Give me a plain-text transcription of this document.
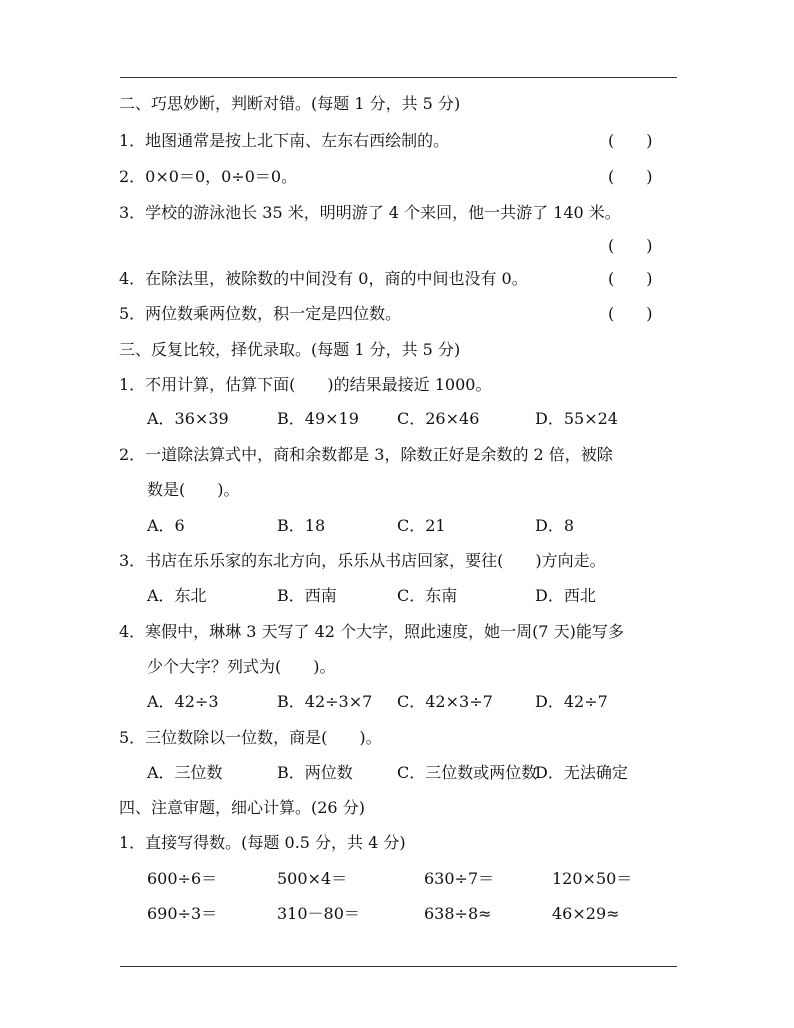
二、巧思妙断，判断对错。(每题 1 分，共 5 分)
1．地图通常是按上北下南、左东右西绘制的。	(　　)
2．0×0＝0，0÷0＝0。	(　　)
3．学校的游泳池长 35 米，明明游了 4 个来回，他一共游了 140 米。
(　　)
4．在除法里，被除数的中间没有 0，商的中间也没有 0。	(　　)
5．两位数乘两位数，积一定是四位数。	(　　)
三、反复比较，择优录取。(每题 1 分，共 5 分)
1．不用计算，估算下面(　　)的结果最接近 1000。
A．36×39	B．49×19 C．26×46	D．55×24
2．一道除法算式中，商和余数都是 3，除数正好是余数的 2 倍，被除
数是(　　)。
A．6	B．18	C．21	D．8
3．书店在乐乐家的东北方向，乐乐从书店回家，要往(　　)方向走。
A．东北	B．西南	C．东南	D．西北
4．寒假中，琳琳 3 天写了 42 个大字，照此速度，她一周(7 天)能写多
少个大字？列式为(　　)。
A．42÷3	B．42÷3×7 C．42×3÷7	D．42÷7
5．三位数除以一位数，商是(　　)。
A．三位数	B．两位数	C．三位数或两位数
D．无法确定
四、注意审题，细心计算。(26 分)
1．直接写得数。(每题 0.5 分，共 4 分)
600÷6＝	500×4＝	630÷7＝	120×50＝
690÷3＝	310－80＝	638÷8≈	46×29≈
